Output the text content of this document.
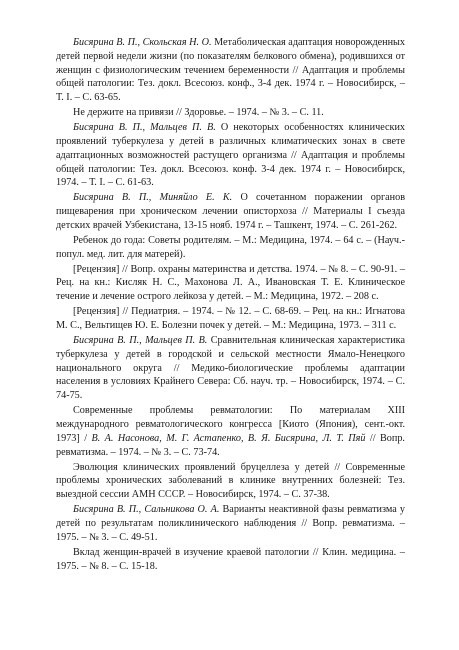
Бисярина В. П., Скольская Н. О. Метаболическая адаптация новорожденных детей первой недели жизни (по показателям белкового обмена), родившихся от женщин с физиологическим течением беременности // Адаптация и проблемы общей патологии: Тез. докл. Всесоюз. конф., 3-4 дек. 1974 г. – Новосибирск, – Т. I. – С. 63-65.

Не держите на привязи // Здоровье. – 1974. – № 3. – С. 11.

Бисярина В. П., Мальцев П. В. О некоторых особенностях клинических проявлений туберкулеза у детей в различных климатических зонах в свете адаптационных возможностей растущего организма // Адаптация и проблемы общей патологии: Тез. докл. Всесоюз. конф. 3-4 дек. 1974 г. – Новосибирск, 1974. – Т. I. – С. 61-63.

Бисярина В. П., Миняйло Е. К. О сочетанном поражении органов пищеварения при хроническом лечении описторхоза // Материалы I съезда детских врачей Узбекистана, 13-15 нояб. 1974 г. – Ташкент, 1974. – С. 261-262.

Ребенок до года: Советы родителям. – М.: Медицина, 1974. – 64 с. – (Науч.-попул. мед. лит. для матерей).

[Рецензия] // Вопр. охраны материнства и детства. 1974. – № 8. – С. 90-91. – Рец. на кн.: Кисляк Н. С., Махонова Л. А., Ивановская Т. Е. Клиническое течение и лечение острого лейкоза у детей. – М.: Медицина, 1972. – 208 с.

[Рецензия] // Педиатрия. – 1974. – № 12. – С. 68-69. – Рец. на кн.: Игнатова М. С., Вельтищев Ю. Е. Болезни почек у детей. – М.: Медицина, 1973. – 311 с.

Бисярина В. П., Мальцев П. В. Сравнительная клиническая характеристика туберкулеза у детей в городской и сельской местности Ямало-Ненецкого национального округа // Медико-биологические проблемы адаптации населения в условиях Крайнего Севера: Сб. науч. тр. – Новосибирск, 1974. – С. 74-75.

Современные проблемы ревматологии: По материалам XIII международного ревматологического конгресса [Киото (Япония), сент.-окт. 1973] / В. А. Насонова, М. Г. Астапенко, В. Я. Бисярина, Л. Т. Пяй // Вопр. ревматизма. – 1974. – № 3. – С. 73-74.

Эволюция клинических проявлений бруцеллеза у детей // Современные проблемы хронических заболеваний в клинике внутренних болезней: Тез. выездной сессии АМН СССР. – Новосибирск, 1974. – С. 37-38.

Бисярина В. П., Сальникова О. А. Варианты неактивной фазы ревматизма у детей по результатам поликлинического наблюдения // Вопр. ревматизма. – 1975. – № 3. – С. 49-51.

Вклад женщин-врачей в изучение краевой патологии // Клин. медицина. – 1975. – № 8. – С. 15-18.
